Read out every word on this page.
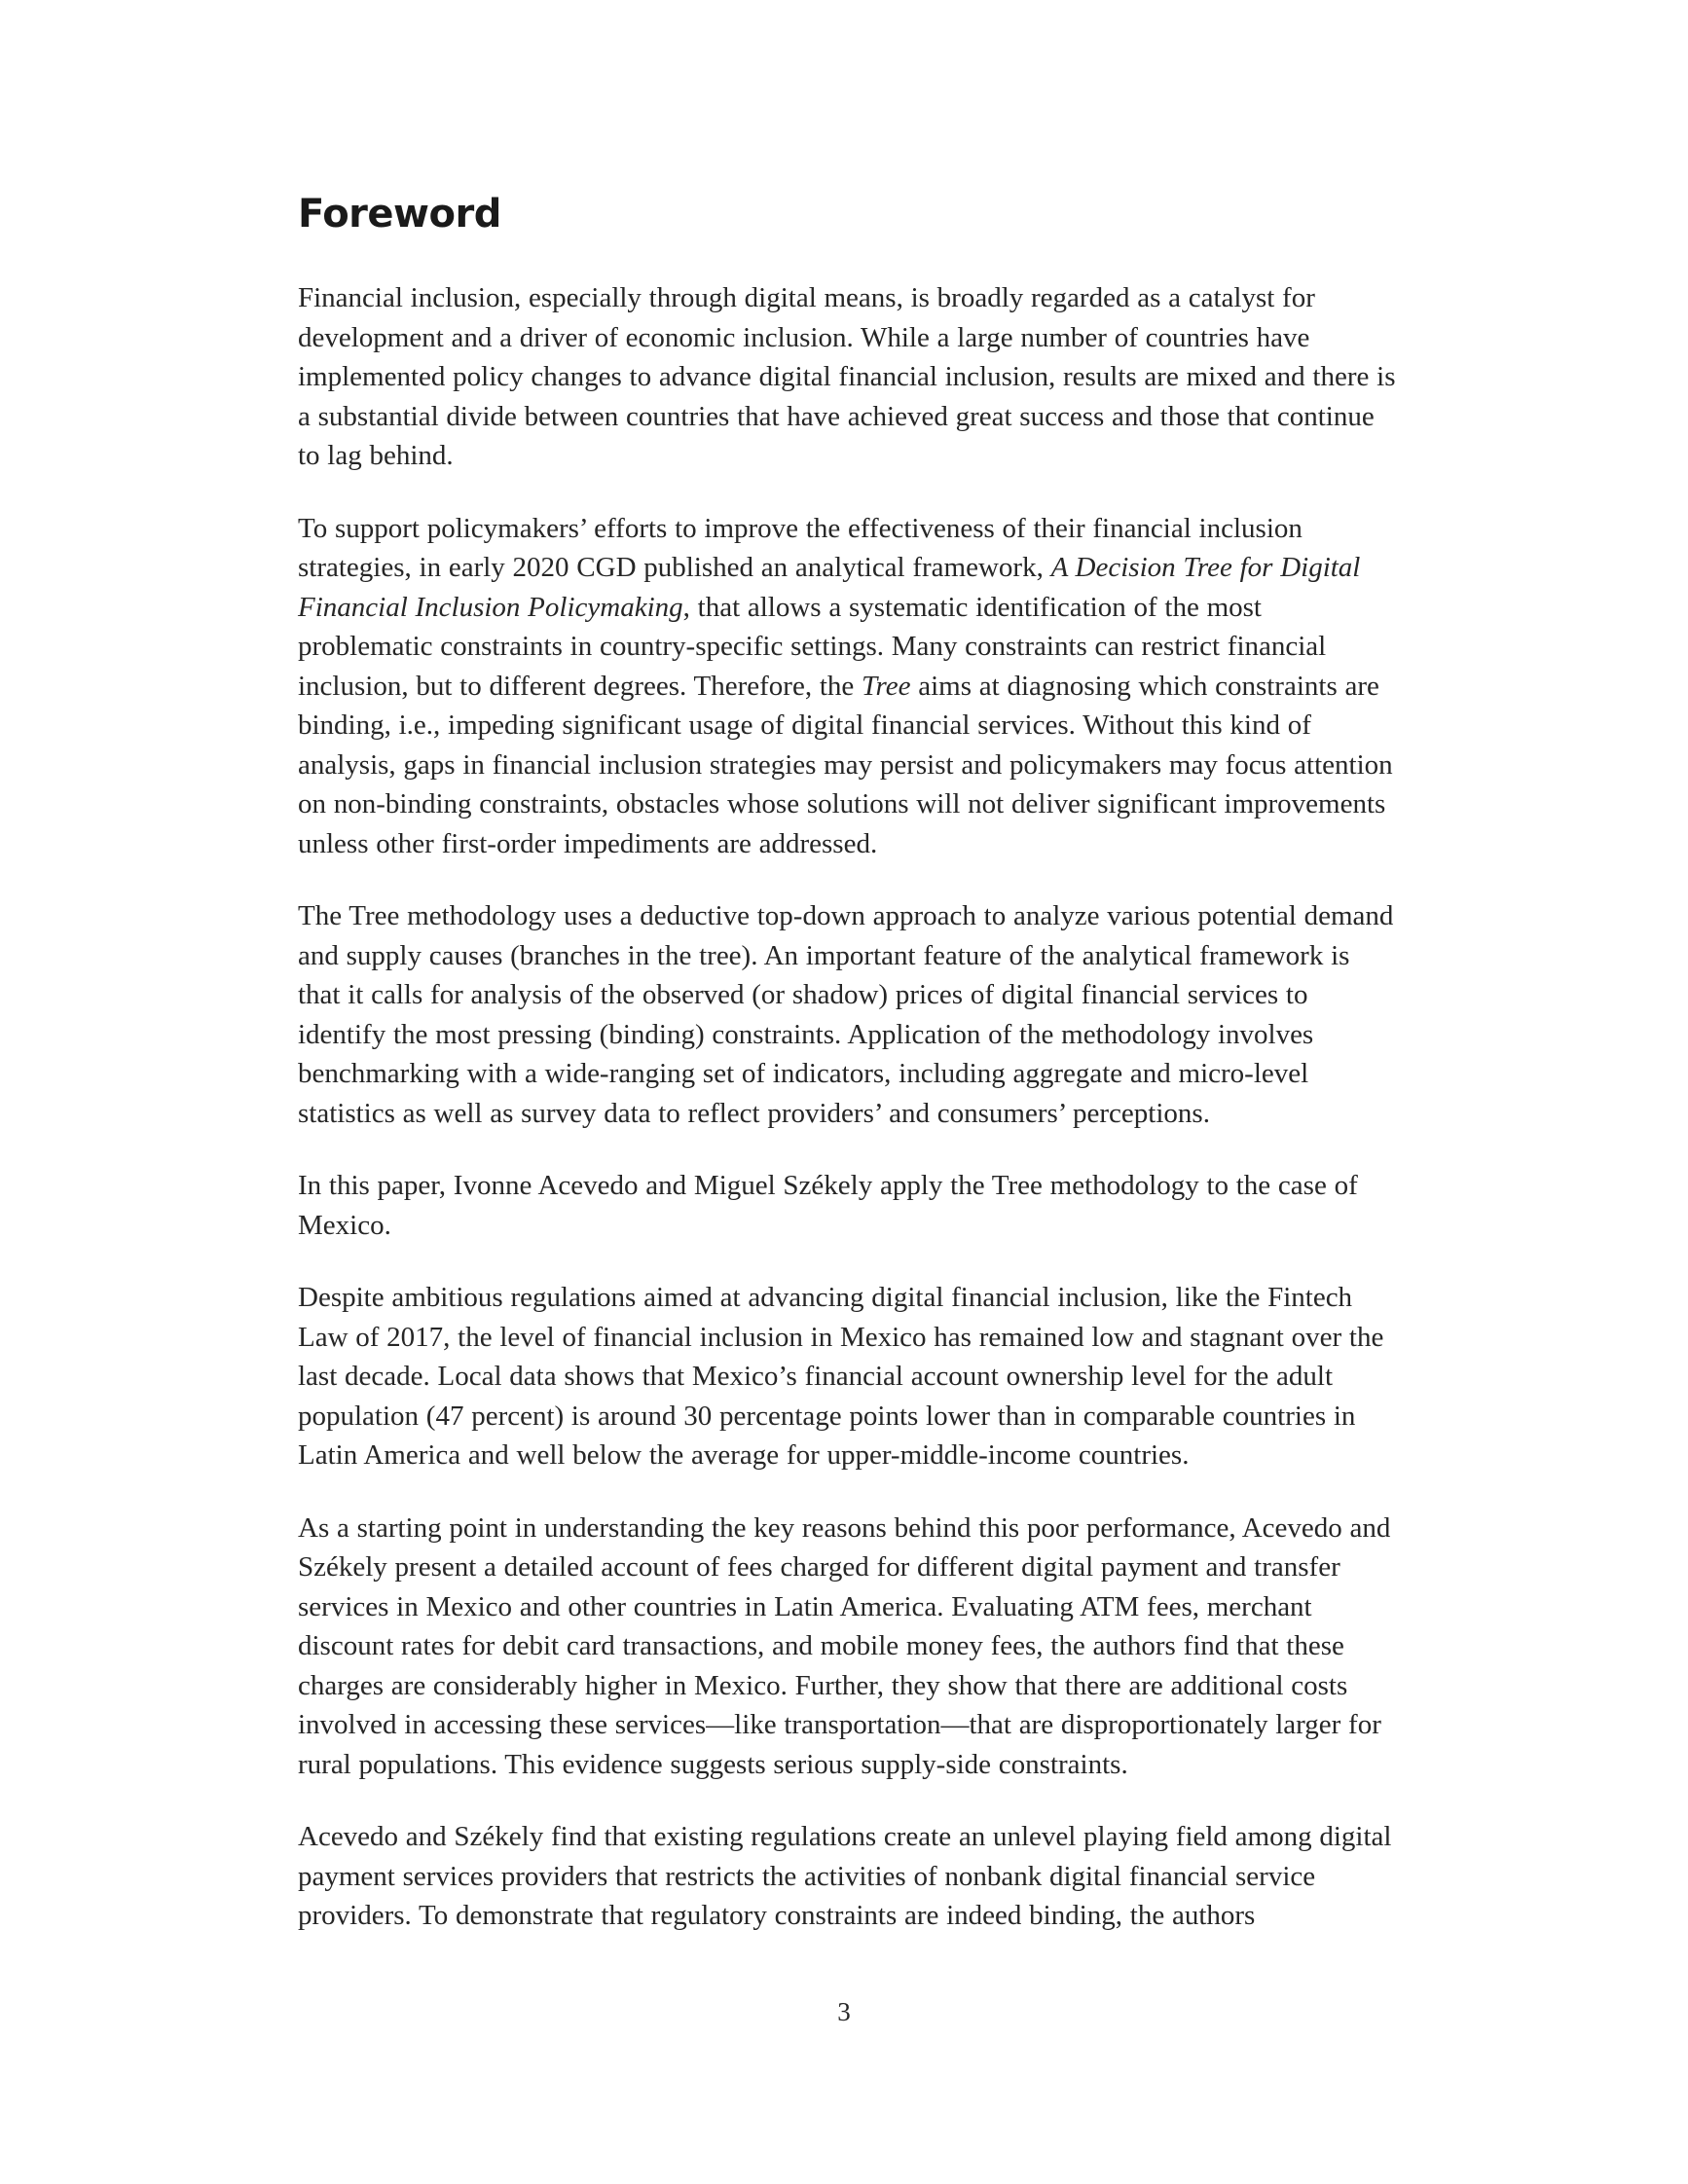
Foreword

Financial inclusion, especially through digital means, is broadly regarded as a catalyst for development and a driver of economic inclusion. While a large number of countries have implemented policy changes to advance digital financial inclusion, results are mixed and there is a substantial divide between countries that have achieved great success and those that continue to lag behind.

To support policymakers’ efforts to improve the effectiveness of their financial inclusion strategies, in early 2020 CGD published an analytical framework, A Decision Tree for Digital Financial Inclusion Policymaking, that allows a systematic identification of the most problematic constraints in country-specific settings. Many constraints can restrict financial inclusion, but to different degrees. Therefore, the Tree aims at diagnosing which constraints are binding, i.e., impeding significant usage of digital financial services. Without this kind of analysis, gaps in financial inclusion strategies may persist and policymakers may focus attention on non-binding constraints, obstacles whose solutions will not deliver significant improvements unless other first-order impediments are addressed.

The Tree methodology uses a deductive top-down approach to analyze various potential demand and supply causes (branches in the tree). An important feature of the analytical framework is that it calls for analysis of the observed (or shadow) prices of digital financial services to identify the most pressing (binding) constraints. Application of the methodology involves benchmarking with a wide-ranging set of indicators, including aggregate and micro-level statistics as well as survey data to reflect providers’ and consumers’ perceptions.

In this paper, Ivonne Acevedo and Miguel Székely apply the Tree methodology to the case of Mexico.

Despite ambitious regulations aimed at advancing digital financial inclusion, like the Fintech Law of 2017, the level of financial inclusion in Mexico has remained low and stagnant over the last decade. Local data shows that Mexico’s financial account ownership level for the adult population (47 percent) is around 30 percentage points lower than in comparable countries in Latin America and well below the average for upper-middle-income countries.

As a starting point in understanding the key reasons behind this poor performance, Acevedo and Székely present a detailed account of fees charged for different digital payment and transfer services in Mexico and other countries in Latin America. Evaluating ATM fees, merchant discount rates for debit card transactions, and mobile money fees, the authors find that these charges are considerably higher in Mexico. Further, they show that there are additional costs involved in accessing these services—like transportation—that are disproportionately larger for rural populations. This evidence suggests serious supply-side constraints.

Acevedo and Székely find that existing regulations create an unlevel playing field among digital payment services providers that restricts the activities of nonbank digital financial service providers. To demonstrate that regulatory constraints are indeed binding, the authors

3
